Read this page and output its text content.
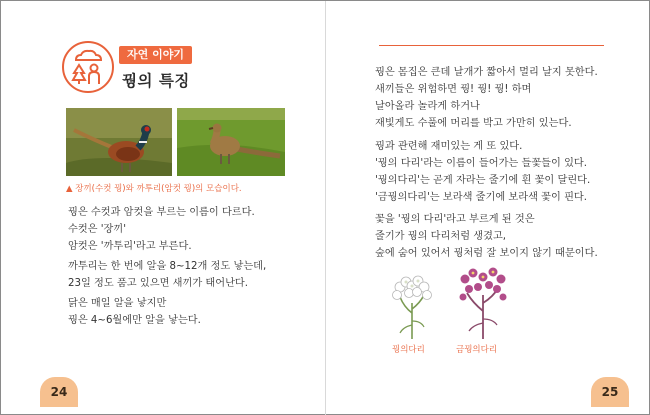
자연 이야기
꿩의 특징
▲ 장끼(수컷 꿩)와 까투리(암컷 꿩)의 모습이다.

꿩은 수컷과 암컷을 부르는 이름이 다르다.

수컷은 '장끼'

암컷은 '까투리'라고 부른다.

까투리는 한 번에 알을 8~12개 정도 낳는데,

23일 정도 품고 있으면 새끼가 태어난다.

닭은 매일 알을 낳지만

꿩은 4~6월에만 알을 낳는다.

24

꿩은 몸집은 큰데 날개가 짧아서 멀리 날지 못한다.

새끼들은 위험하면 꿩! 꿩! 꿩! 하며

날아올라 놀라게 하거나

재빛게도 수풀에 머리를 박고 가만히 있는다.

꿩과 관련해 재미있는 게 또 있다.

'꿩의 다리'라는 이름이 들어가는 들꽃들이 있다.

'꿩의다리'는 곧게 자라는 줄기에 흰 꽃이 달린다.

'금꿩의다리'는 보라색 줄기에 보라색 꽃이 핀다.

꽃을 '꿩의 다리'라고 부르게 된 것은

줄기가 꿩의 다리처럼 생겼고,

숲에 숨어 있어서 꿩처럼 잘 보이지 않기 때문이다.

꿩의다리	금꿩의다리
25
